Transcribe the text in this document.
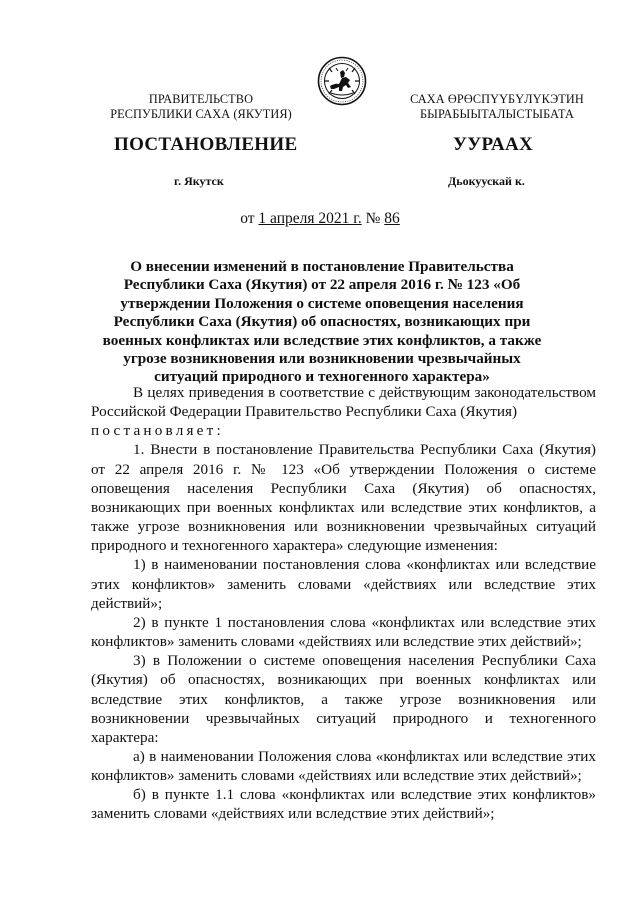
ПРАВИТЕЛЬСТВО
РЕСПУБЛИКИ САХА (ЯКУТИЯ)
САХА ӨРӨСПҮҮБҮЛҮКЭТИН
БЫРАБЫЫТАЛЫСТЫБАТА
ПОСТАНОВЛЕНИЕ	УУРААХ
г. Якутск	Дьокуускай к.
от 1 апреля 2021 г. № 86
О внесении изменений в постановление Правительства Республики Саха (Якутия) от 22 апреля 2016 г. № 123 «Об утверждении Положения о системе оповещения населения Республики Саха (Якутия) об опасностях, возникающих при военных конфликтах или вследствие этих конфликтов, а также угрозе возникновения или возникновении чрезвычайных ситуаций природного и техногенного характера»

В целях приведения в соответствие с действующим законодательством Российской Федерации Правительство Республики Саха (Якутия)

постановляет:

1. Внести в постановление Правительства Республики Саха (Якутия) от 22 апреля 2016 г. № 123 «Об утверждении Положения о системе оповещения населения Республики Саха (Якутия) об опасностях, возникающих при военных конфликтах или вследствие этих конфликтов, а также угрозе возникновения или возникновении чрезвычайных ситуаций природного и техногенного характера» следующие изменения:

1) в наименовании постановления слова «конфликтах или вследствие этих конфликтов» заменить словами «действиях или вследствие этих действий»;

2) в пункте 1 постановления слова «конфликтах или вследствие этих конфликтов» заменить словами «действиях или вследствие этих действий»;

3) в Положении о системе оповещения населения Республики Саха (Якутия) об опасностях, возникающих при военных конфликтах или вследствие этих конфликтов, а также угрозе возникновения или возникновении чрезвычайных ситуаций природного и техногенного характера:

а) в наименовании Положения слова «конфликтах или вследствие этих конфликтов» заменить словами «действиях или вследствие этих действий»;

б) в пункте 1.1 слова «конфликтах или вследствие этих конфликтов» заменить словами «действиях или вследствие этих действий»;
